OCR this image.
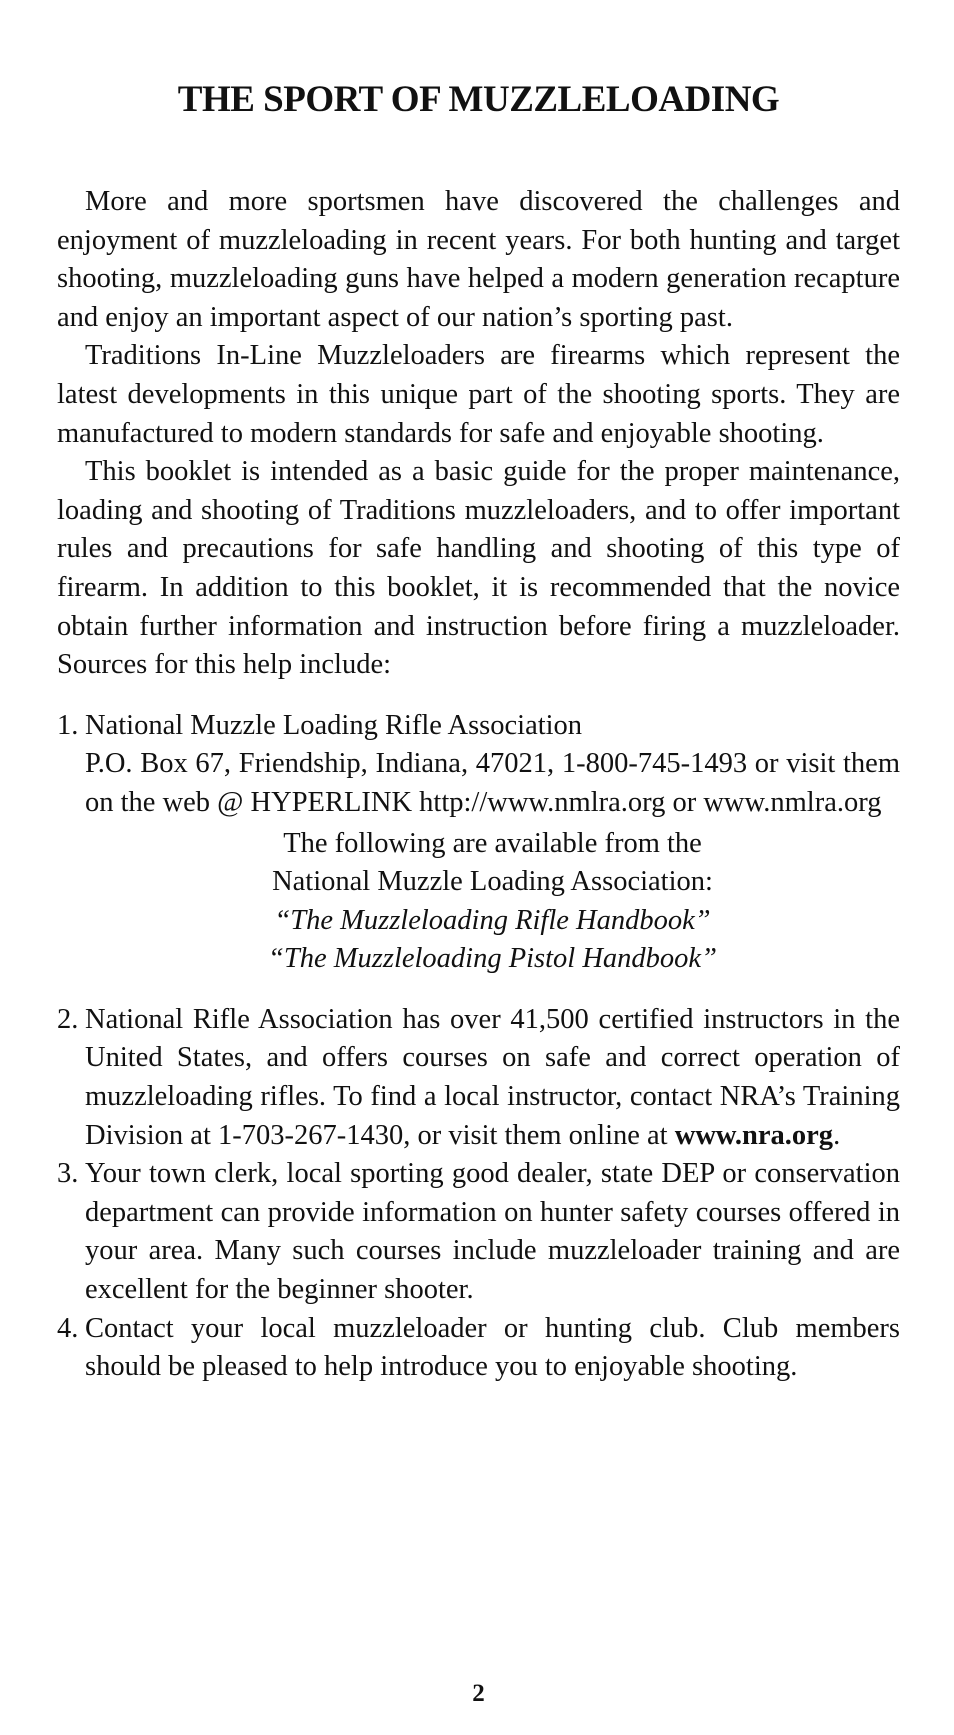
THE SPORT OF MUZZLELOADING

More and more sportsmen have discovered the challenges and enjoyment of muzzleloading in recent years. For both hunting and target shooting, muzzleloading guns have helped a modern generation recapture and enjoy an important aspect of our nation’s sporting past.

Traditions In-Line Muzzleloaders are firearms which represent the latest developments in this unique part of the shooting sports. They are manufactured to modern standards for safe and enjoyable shooting.

This booklet is intended as a basic guide for the proper maintenance, loading and shooting of Traditions muzzleloaders, and to offer important rules and precautions for safe handling and shooting of this type of firearm. In addition to this booklet, it is recommended that the novice obtain further information and instruction before firing a muzzleloader. Sources for this help include:

1. National Muzzle Loading Rifle Association
P.O. Box 67, Friendship, Indiana, 47021, 1-800-745-1493 or visit them on the web @ HYPERLINK http://www.nmlra.org or www.nmlra.org
The following are available from the
National Muzzle Loading Association:
“The Muzzleloading Rifle Handbook”
“The Muzzleloading Pistol Handbook”
2. National Rifle Association has over 41,500 certified instructors in the United States, and offers courses on safe and correct operation of muzzleloading rifles. To find a local instructor, contact NRA’s Training Division at 1-703-267-1430, or visit them online at www.nra.org.
3. Your town clerk, local sporting good dealer, state DEP or conservation department can provide information on hunter safety courses offered in your area. Many such courses include muzzleloader training and are excellent for the beginner shooter.
4. Contact your local muzzleloader or hunting club. Club members should be pleased to help introduce you to enjoyable shooting.
2
